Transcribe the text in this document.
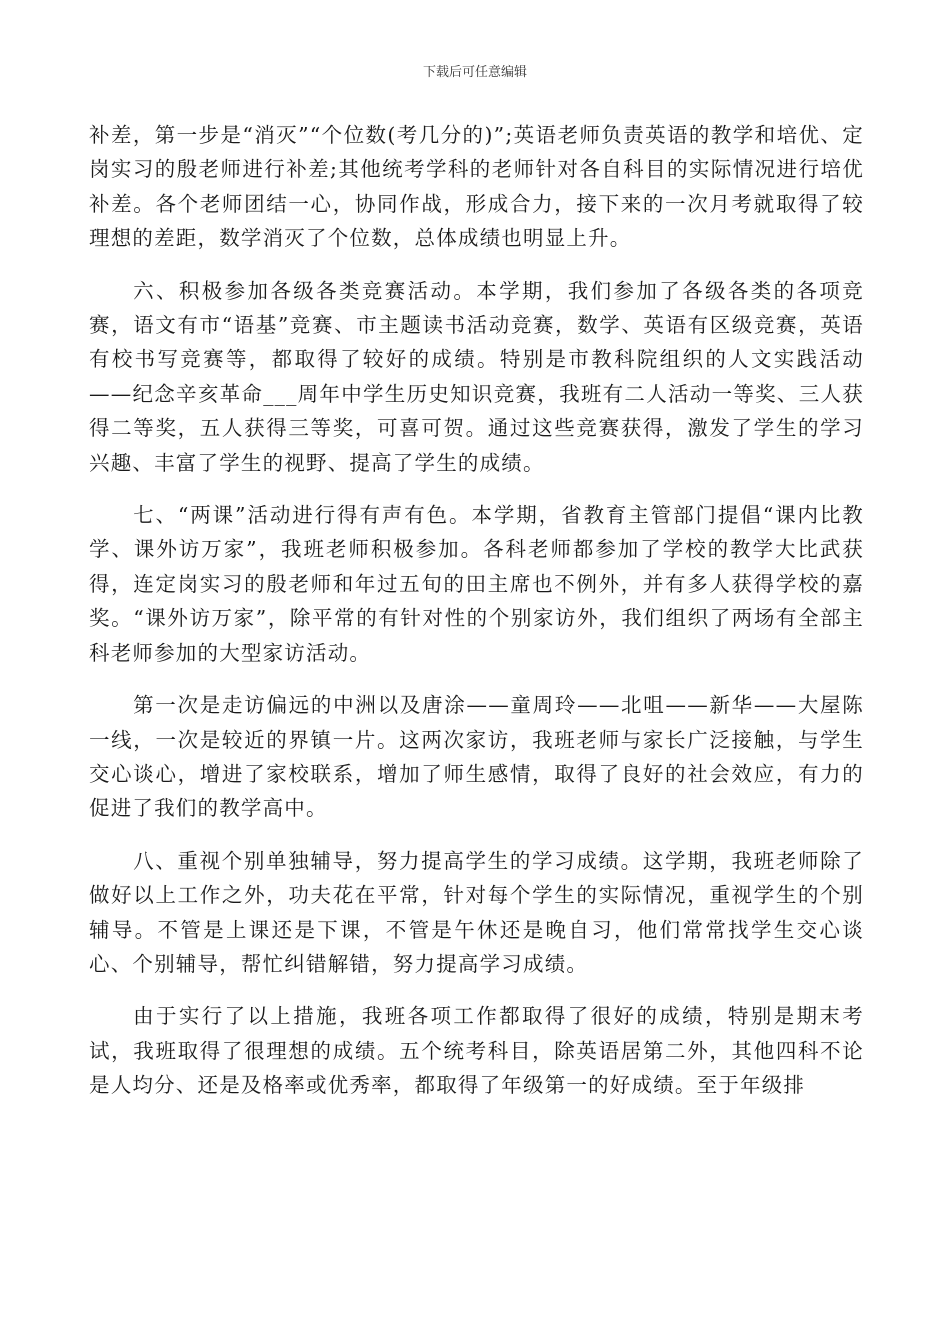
下载后可任意编辑

补差，第一步是“消灭”“个位数(考几分的)”;英语老师负责英语的教学和培优、定岗实习的殷老师进行补差;其他统考学科的老师针对各自科目的实际情况进行培优补差。各个老师团结一心，协同作战，形成合力，接下来的一次月考就取得了较理想的差距，数学消灭了个位数，总体成绩也明显上升。

六、积极参加各级各类竞赛活动。本学期，我们参加了各级各类的各项竞赛，语文有市“语基”竞赛、市主题读书活动竞赛，数学、英语有区级竞赛，英语有校书写竞赛等，都取得了较好的成绩。特别是市教科院组织的人文实践活动——纪念辛亥革命___周年中学生历史知识竞赛，我班有二人活动一等奖、三人获得二等奖，五人获得三等奖，可喜可贺。通过这些竞赛获得，激发了学生的学习兴趣、丰富了学生的视野、提高了学生的成绩。

七、“两课”活动进行得有声有色。本学期，省教育主管部门提倡“课内比教学、课外访万家”，我班老师积极参加。各科老师都参加了学校的教学大比武获得，连定岗实习的殷老师和年过五旬的田主席也不例外，并有多人获得学校的嘉奖。“课外访万家”，除平常的有针对性的个别家访外，我们组织了两场有全部主科老师参加的大型家访活动。

第一次是走访偏远的中洲以及唐涂——童周玲——北咀——新华——大屋陈一线，一次是较近的界镇一片。这两次家访，我班老师与家长广泛接触，与学生交心谈心，增进了家校联系，增加了师生感情，取得了良好的社会效应，有力的促进了我们的教学高中。

八、重视个别单独辅导，努力提高学生的学习成绩。这学期，我班老师除了做好以上工作之外，功夫花在平常，针对每个学生的实际情况，重视学生的个别辅导。不管是上课还是下课，不管是午休还是晚自习，他们常常找学生交心谈心、个别辅导，帮忙纠错解错，努力提高学习成绩。

由于实行了以上措施，我班各项工作都取得了很好的成绩，特别是期末考试，我班取得了很理想的成绩。五个统考科目，除英语居第二外，其他四科不论是人均分、还是及格率或优秀率，都取得了年级第一的好成绩。至于年级排
